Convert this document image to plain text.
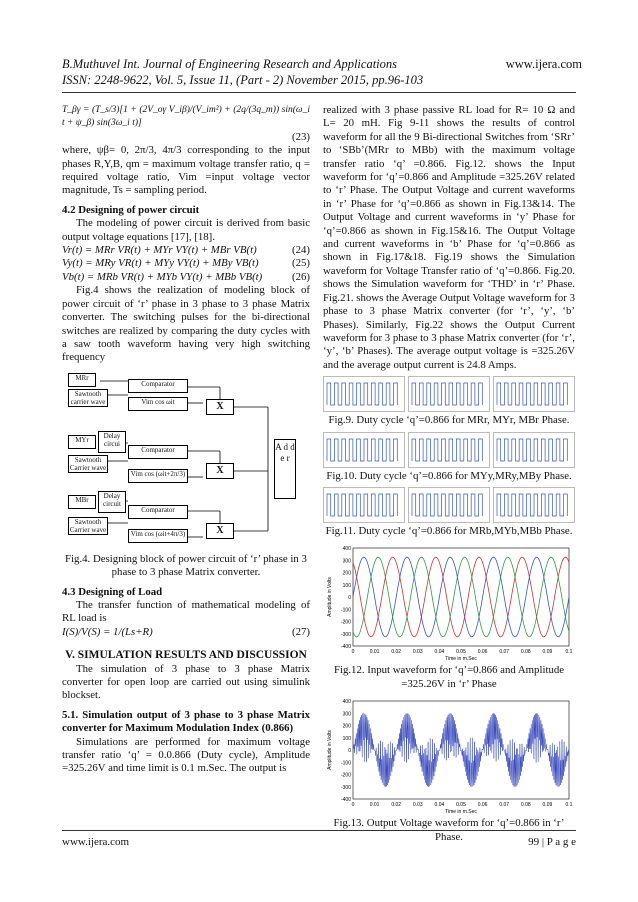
B.Muthuvel Int. Journal of Engineering Research and Applications
ISSN: 2248-9622, Vol. 5, Issue 11, (Part - 2) November 2015, pp.96-103
www.ijera.com
T_βγ = (T_s/3)[1 + (2V_oγ V_iβ)/(V_im²) + (2q/(3q_m)) sin(ω_i t + ψ_β) sin(3ω_i t)]
(23)

where, ψβ= 0, 2π/3, 4π/3 corresponding to the input phases R,Y,B, qm = maximum voltage transfer ratio, q = required voltage ratio, Vim =input voltage vector magnitude, Ts = sampling period.

4.2 Designing of power circuit

The modeling of power circuit is derived from basic output voltage equations [17], [18].

Vr(t) = MRr VR(t) + MYr VY(t) + MBr VB(t)	(24)
Vy(t) = MRy VR(t) + MYy VY(t) + MBy VB(t)	(25)
Vb(t) = MRb VR(t) + MYb VY(t) + MBb VB(t)	(26)

Fig.4 shows the realization of modeling block of power circuit of ‘r’ phase in 3 phase to 3 phase Matrix converter. The switching pulses for the bi-directional switches are realized by comparing the duty cycles with a saw tooth waveform having very high switching frequency

MRr
Sawtooth carrier wave
Comparator
Vim cos ωit	X
MYr	Delay circui
Sawtooth Carrier wave
Comparator
Vim cos (ωit+2π/3)	X
MBr	Delay circuit
Sawtooth Carrier wave
Comparator
Vim cos (ωit+4π/3)	X
A d d e r

Fig.4. Designing block of power circuit of ‘r’ phase in 3 phase to 3 phase Matrix converter.

4.3 Designing of Load

The transfer function of mathematical modeling of RL load is

I(S)/V(S) = 1/(Ls+R)	(27)

V. SIMULATION RESULTS AND DISCUSSION

The simulation of 3 phase to 3 phase Matrix converter for open loop are carried out using simulink blockset.

5.1. Simulation output of 3 phase to 3 phase Matrix converter for Maximum Modulation Index (0.866)

Simulations are performed for maximum voltage transfer ratio ‘q’ = 0.0.866 (Duty cycle), Amplitude =325.26V and time limit is 0.1 m.Sec. The output is

realized with 3 phase passive RL load for R= 10 Ω and L= 20 mH. Fig 9-11 shows the results of control waveform for all the 9 Bi-directional Switches from ‘SRr’ to ‘SBb’(MRr to MBb) with the maximum voltage transfer ratio ‘q’ =0.866. Fig.12. shows the Input waveform for ‘q’=0.866 and Amplitude =325.26V related to ‘r’ Phase. The Output Voltage and current waveforms in ‘r’ Phase for ‘q’=0.866 as shown in Fig.13&14. The Output Voltage and current waveforms in ‘y’ Phase for ‘q’=0.866 as shown in Fig.15&16. The Output Voltage and current waveforms in ‘b’ Phase for ‘q’=0.866 as shown in Fig.17&18. Fig.19 shows the Simulation waveform for Voltage Transfer ratio of ‘q’=0.866. Fig.20. shows the Simulation waveform for ‘THD’ in ‘r’ Phase. Fig.21. shows the Average Output Voltage waveform for 3 phase to 3 phase Matrix converter (for ‘r’, ‘y’, ‘b’ Phases). Similarly, Fig.22 shows the Output Current waveform for 3 phase to 3 phase Matrix converter (for ‘r’, ‘y’, ‘b’ Phases). The average output voltage is =325.26V and the average output current is 24.8 Amps.

Fig.9. Duty cycle ‘q’=0.866 for MRr, MYr, MBr Phase.

Fig.10. Duty cycle ‘q’=0.866 for MYy,MRy,MBy Phase.

Fig.11. Duty cycle ‘q’=0.866 for MRb,MYb,MBb Phase.

400
300
200
100
0
-100
-200
-300
-400
0	0.01 0.02 0.03 0.04 0.05 0.06 0.07 0.08 0.09	0.1
Time in m.Sec
Amplitude in Volts

Fig.12. Input waveform for ‘q’=0.866 and Amplitude =325.26V in ‘r’ Phase

400
300
200
100
0
-100
-200
-300
-400
0	0.01 0.02 0.03 0.04 0.05 0.06 0.07 0.08 0.09	0.1
Time in m.Sec
Amplitude in Volts

Fig.13. Output Voltage waveform for ‘q’=0.866 in ‘r’ Phase.

www.ijera.com	99 | P a g e
